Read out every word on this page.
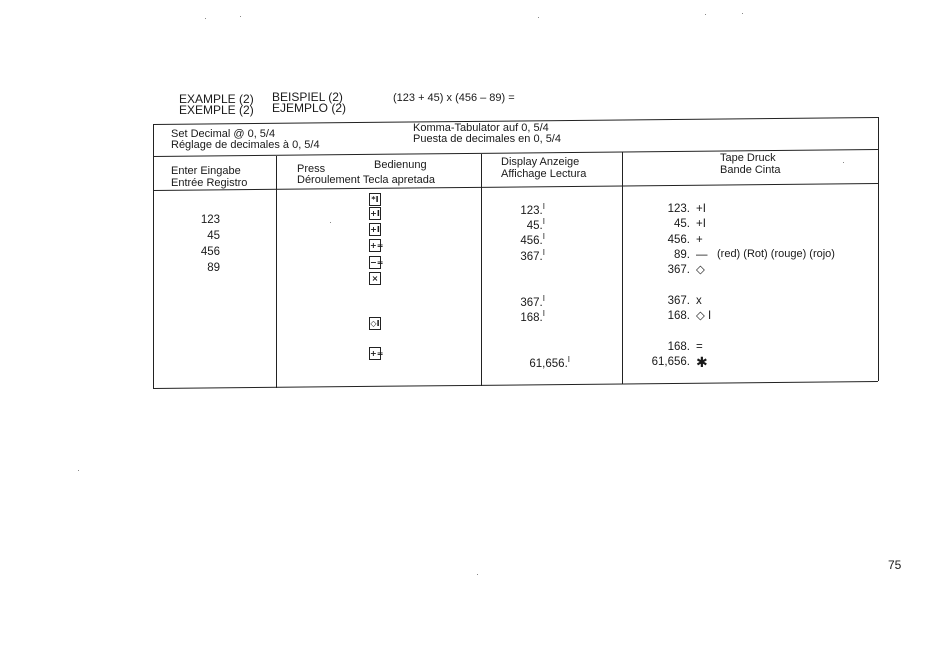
EXAMPLE (2) BEISPIEL (2)
EXEMPLE (2) EJEMPLO (2)
(123 + 45) x (456 – 89) =
Set Decimal @ 0, 5/4
Réglage de decimales à 0, 5/4
Komma-Tabulator auf 0, 5/4
Puesta de decimales en 0, 5/4
Enter Eingabe
Entrée Registro
Press	Bedienung
Déroulement Tecla apretada
Display Anzeige
Affichage Lectura
Tape Druck
Bande Cinta
123
45
456
89
*I
+I
+I
+=
−=
×
◇I
+=
123.$^I$
45.$^I$
456.$^I$
367.$^I$
367.$^I$
168.$^I$
61,656.$^I$
123.
45.
456.
89.
367.
367.
168.
168.
61,656.
+I
+I
+
—
◇
x
◇ I
=
✱
(red) (Rot) (rouge) (rojo)
75
